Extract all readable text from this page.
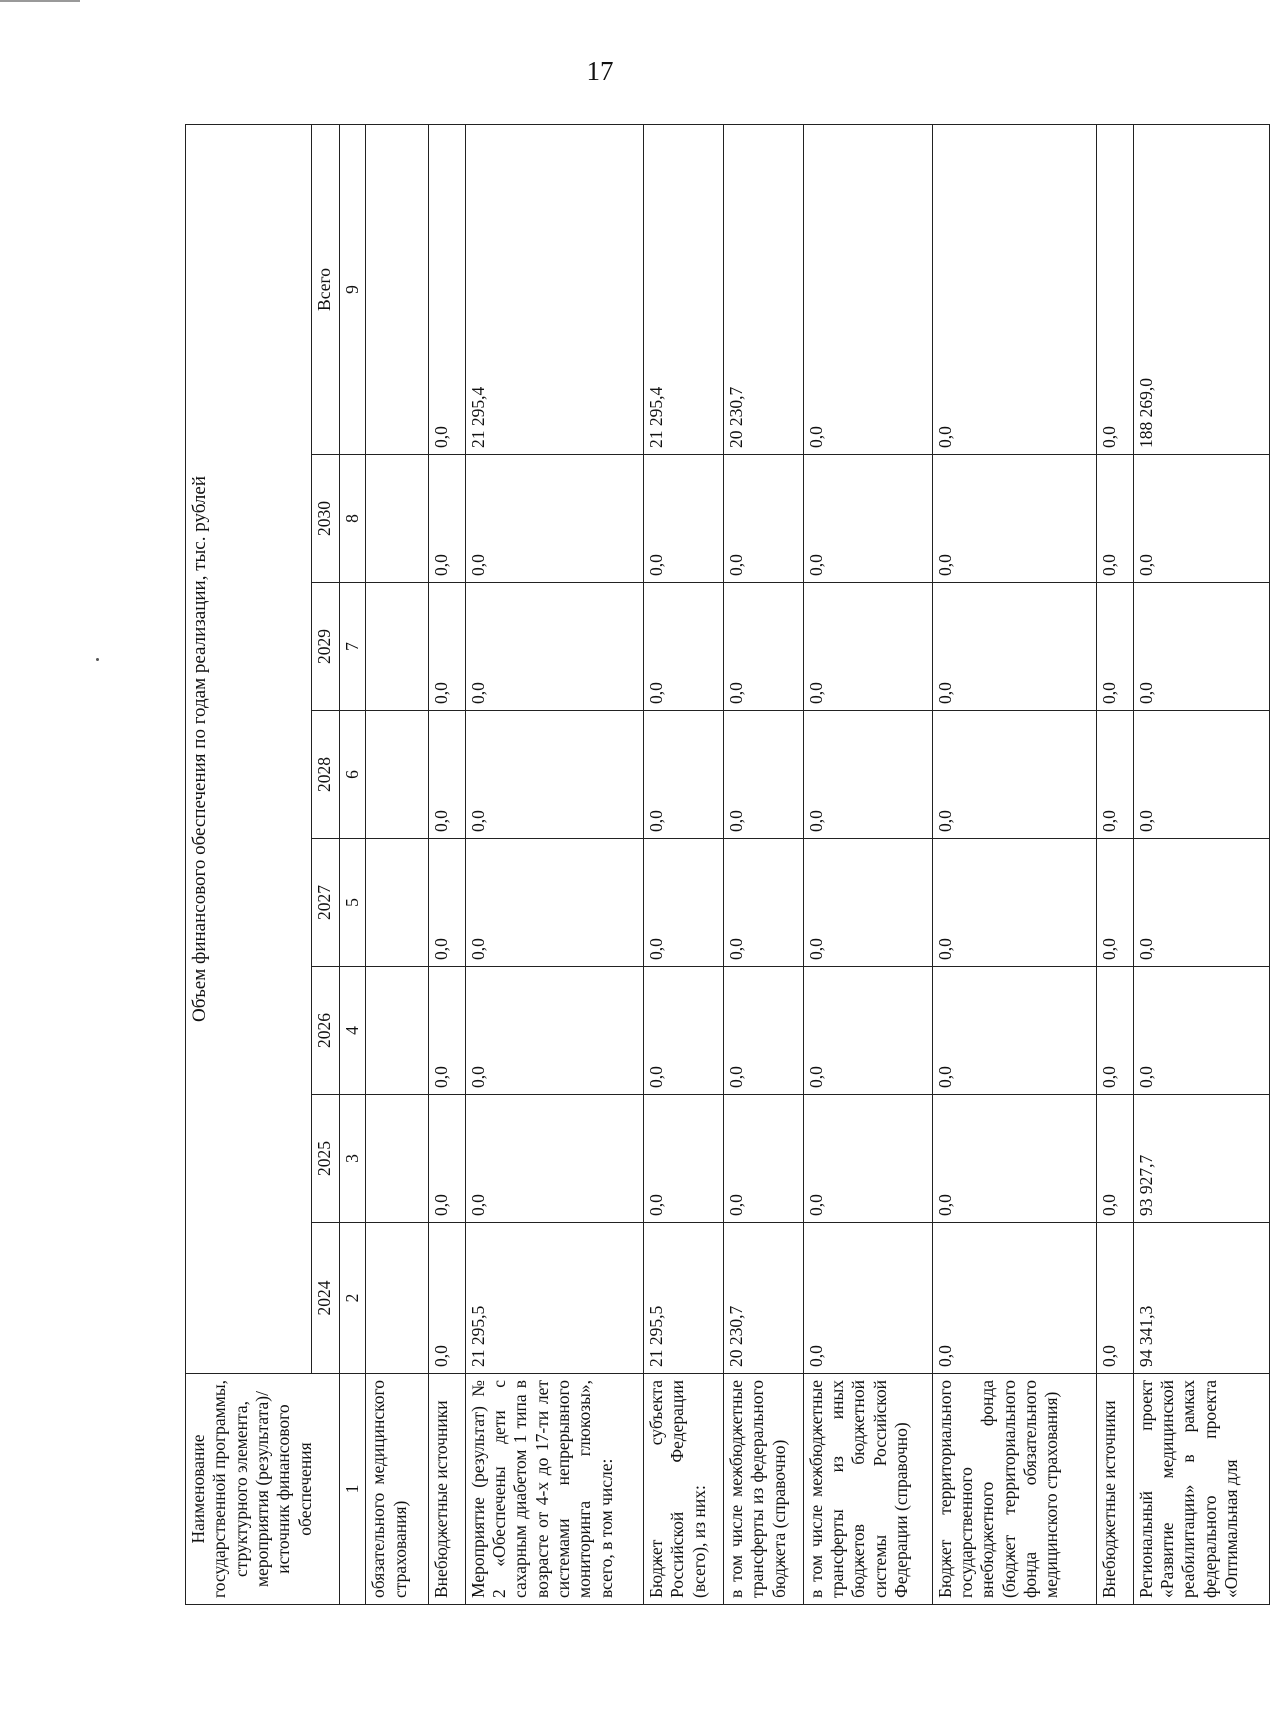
17
Наименование государственной программы, структурного элемента, мероприятия (результата)/источник финансового обеспечения	Объем финансового обеспечения по годам реализации, тыс. рублей							
	2024	2025	2026	2027	2028	2029	2030	Всего
1	2	3	4	5	6	7	8	9
обязательного медицинского страхования)								
Внебюджетные источники	0,0	0,0	0,0	0,0	0,0	0,0	0,0	0,0
Мероприятие (результат) № 2 «Обеспечены дети с сахарным диабетом 1 типа в возрасте от 4-х до 17-ти лет системами непрерывного мониторинга глюкозы», всего, в том числе:	21 295,5	0,0	0,0	0,0	0,0	0,0	0,0	21 295,4
Бюджет субъекта Российской Федерации (всего), из них:	21 295,5	0,0	0,0	0,0	0,0	0,0	0,0	21 295,4
в том числе межбюджетные трансферты из федерального бюджета (справочно)	20 230,7	0,0	0,0	0,0	0,0	0,0	0,0	20 230,7
в том числе межбюджетные трансферты из иных бюджетов бюджетной системы Российской Федерации (справочно)	0,0	0,0	0,0	0,0	0,0	0,0	0,0	0,0
Бюджет территориального государственного внебюджетного фонда (бюджет территориального фонда обязательного медицинского страхования)	0,0	0,0	0,0	0,0	0,0	0,0	0,0	0,0
Внебюджетные источники	0,0	0,0	0,0	0,0	0,0	0,0	0,0	0,0
Региональный проект «Развитие медицинской реабилитации» в рамках федерального проекта «Оптимальная для	94 341,3	93 927,7	0,0	0,0	0,0	0,0	0,0	188 269,0
